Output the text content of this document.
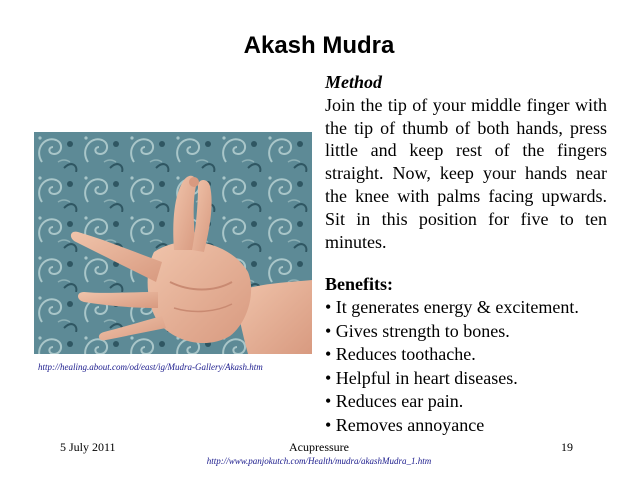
Akash Mudra
http://healing.about.com/od/east/ig/Mudra-Gallery/Akash.htm
Method
Join the tip of your middle finger with the tip of thumb of both hands, press little and keep rest of the fingers straight. Now, keep your hands near the knee with palms facing upwards. Sit in this position for five to ten minutes.
Benefits:
• It generates energy & excitement.
• Gives strength to bones.
• Reduces toothache.
• Helpful in heart diseases.
• Reduces ear pain.
• Removes annoyance
5 July 2011	Acupressure	19
http://www.panjokutch.com/Health/mudra/akashMudra_1.htm
